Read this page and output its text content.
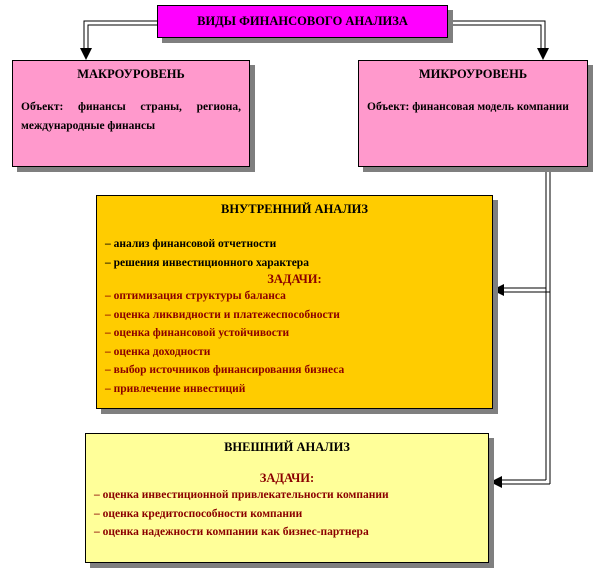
ВИДЫ ФИНАНСОВОГО АНАЛИЗА
МАКРОУРОВЕНЬ
Объект: финансы страны, региона, международные финансы
МИКРОУРОВЕНЬ
Объект: финансовая модель компании
ВНУТРЕННИЙ АНАЛИЗ
– анализ финансовой отчетности
– решения инвестиционного характера
ЗАДАЧИ:
– оптимизация структуры баланса
– оценка ликвидности и платежеспособности
– оценка финансовой устойчивости
– оценка доходности
– выбор источников финансирования бизнеса
– привлечение инвестиций
ВНЕШНИЙ АНАЛИЗ
ЗАДАЧИ:
– оценка инвестиционной привлекательности компании
– оценка кредитоспособности компании
– оценка надежности компании как бизнес-партнера
